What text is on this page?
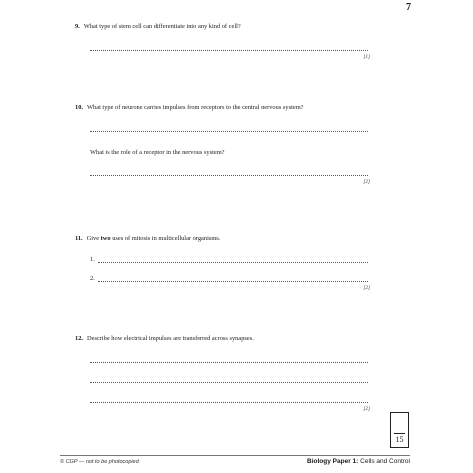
7
9. What type of stem cell can differentiate into any kind of cell?
[1]
10. What type of neurone carries impulses from receptors to the central nervous system?
What is the role of a receptor in the nervous system?
[2]
11. Give two uses of mitosis in multicellular organisms.
1.
2.
[2]
12. Describe how electrical impulses are transferred across synapses.
[2]
15
© CGP — not to be photocopied	Biology Paper 1: Cells and Control
